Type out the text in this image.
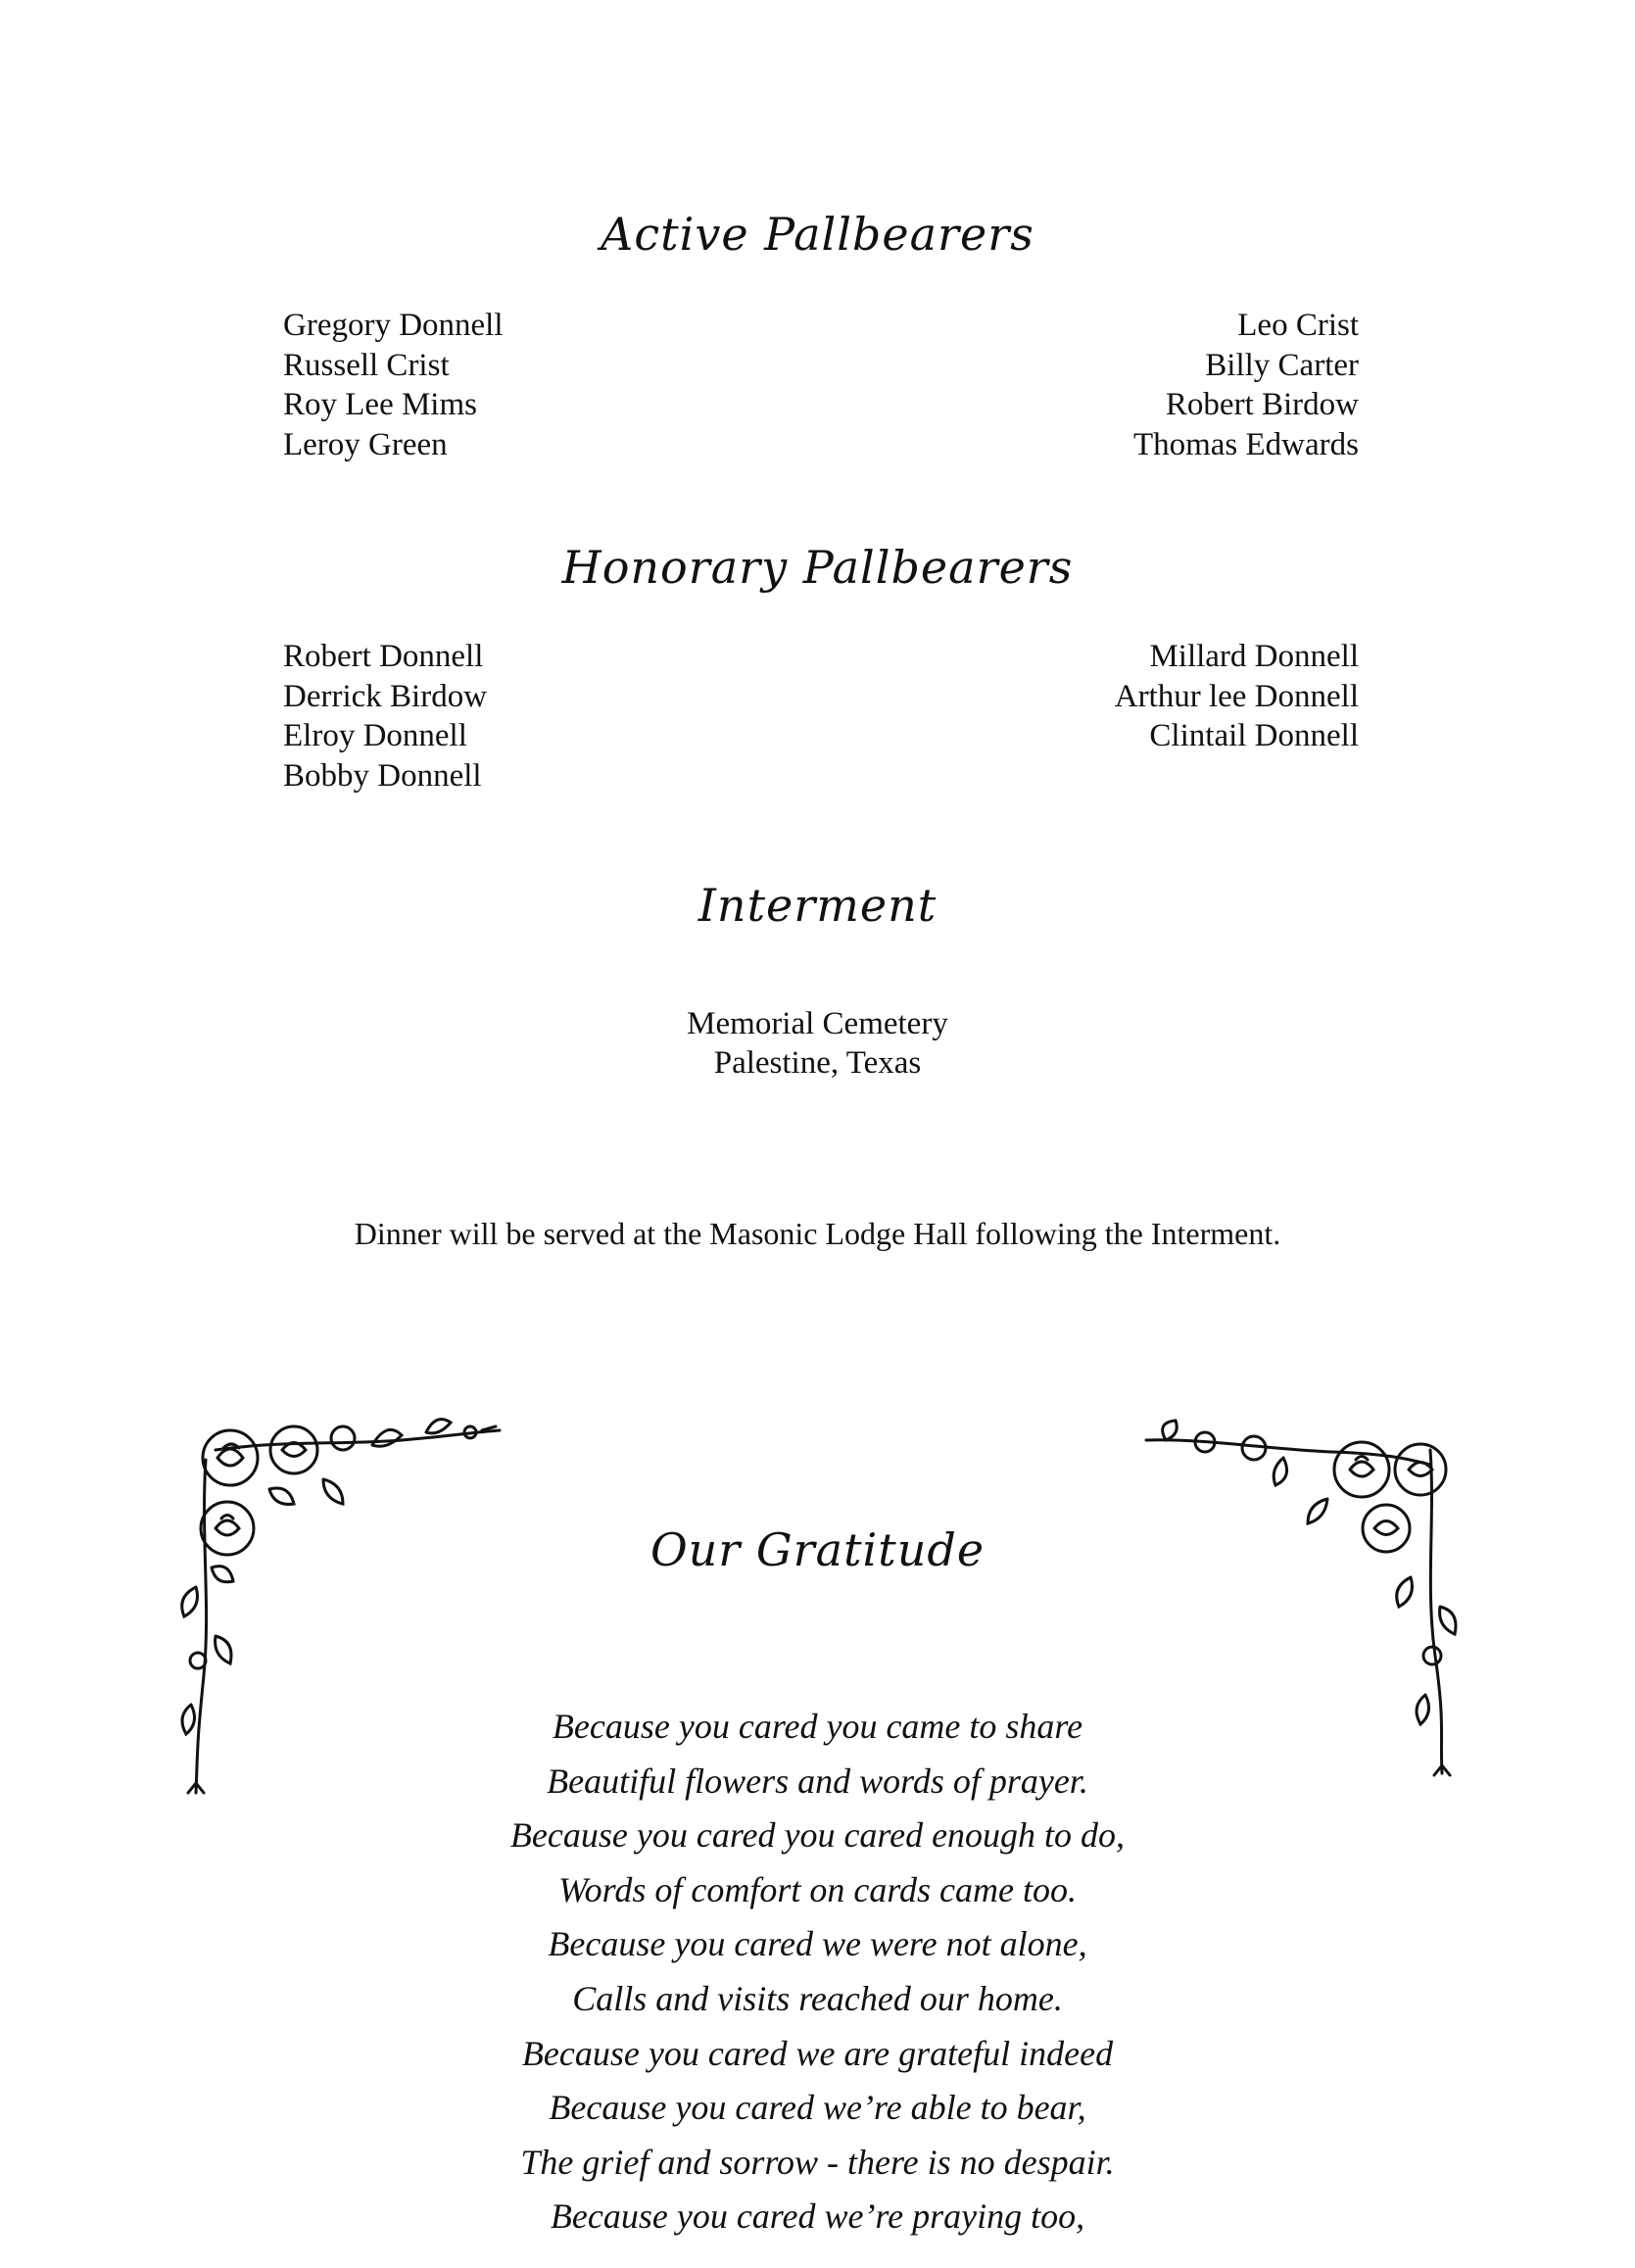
Active Pallbearers
Gregory Donnell
Russell Crist
Roy Lee Mims
Leroy Green
Leo Crist
Billy Carter
Robert Birdow
Thomas Edwards
Honorary Pallbearers
Robert Donnell
Derrick Birdow
Elroy Donnell
Bobby Donnell
Millard Donnell
Arthur lee Donnell
Clintail Donnell
Interment
Memorial Cemetery
Palestine, Texas
Dinner will be served at the Masonic Lodge Hall following the Interment.
Our Gratitude
Because you cared you came to share
Beautiful flowers and words of prayer.
Because you cared you cared enough to do,
Words of comfort on cards came too.
Because you cared we were not alone,
Calls and visits reached our home.
Because you cared we are grateful indeed
Because you cared we’re able to bear,
The grief and sorrow - there is no despair.
Because you cared we’re praying too,
